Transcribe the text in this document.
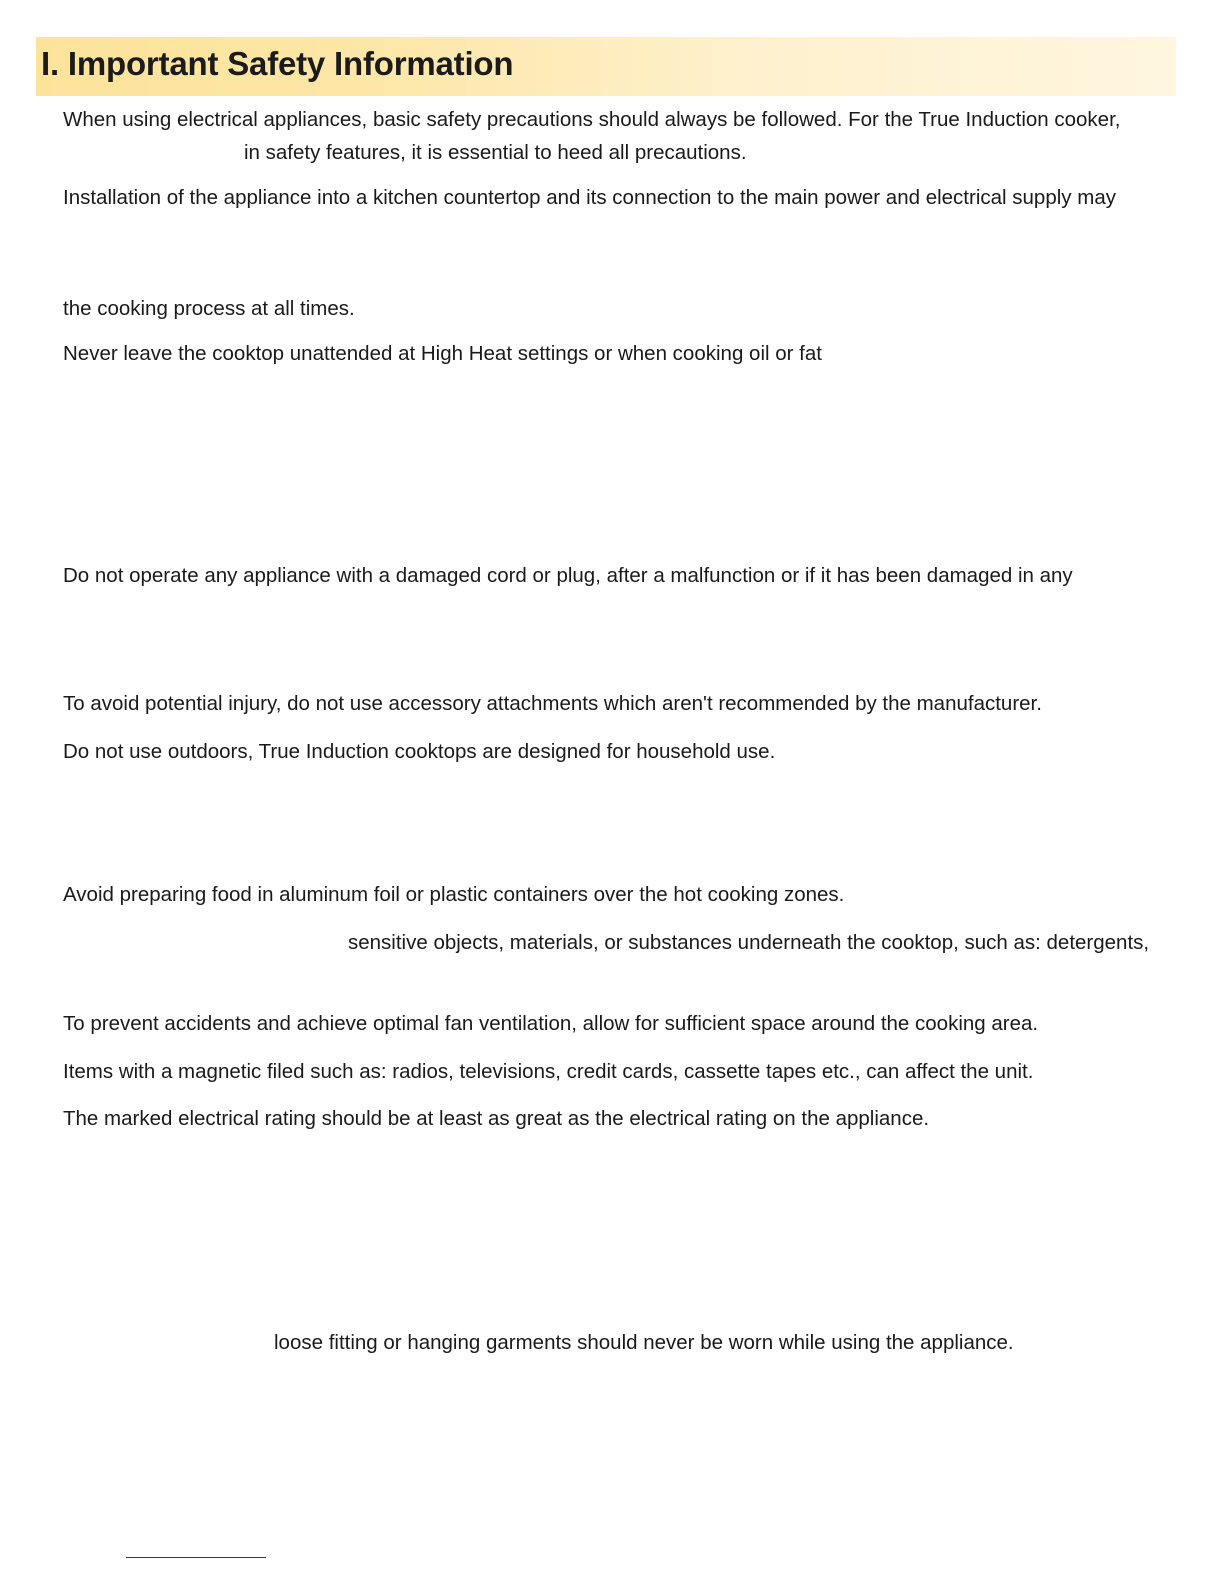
I. Important Safety Information
When using electrical appliances, basic safety precautions should always be followed. For the True Induction cooker,
in safety features, it is essential to heed all precautions.
Installation of the appliance into a kitchen countertop and its connection to the main power and electrical supply may
the cooking process at all times.
Never leave the cooktop unattended at High Heat settings or when cooking oil or fat
Do not operate any appliance with a damaged cord or plug, after a malfunction or if it has been damaged in any
To avoid potential injury, do not use accessory attachments which aren't recommended by the manufacturer.
Do not use outdoors, True Induction cooktops are designed for household use.
Avoid preparing food in aluminum foil or plastic containers over the hot cooking zones.
sensitive objects, materials, or substances underneath the cooktop, such as: detergents,
To prevent accidents and achieve optimal fan ventilation, allow for sufficient space around the cooking area.
Items with a magnetic filed such as: radios, televisions, credit cards, cassette tapes etc., can affect the unit.
The marked electrical rating should be at least as great as the electrical rating on the appliance.
loose fitting or hanging garments should never be worn while using the appliance.
